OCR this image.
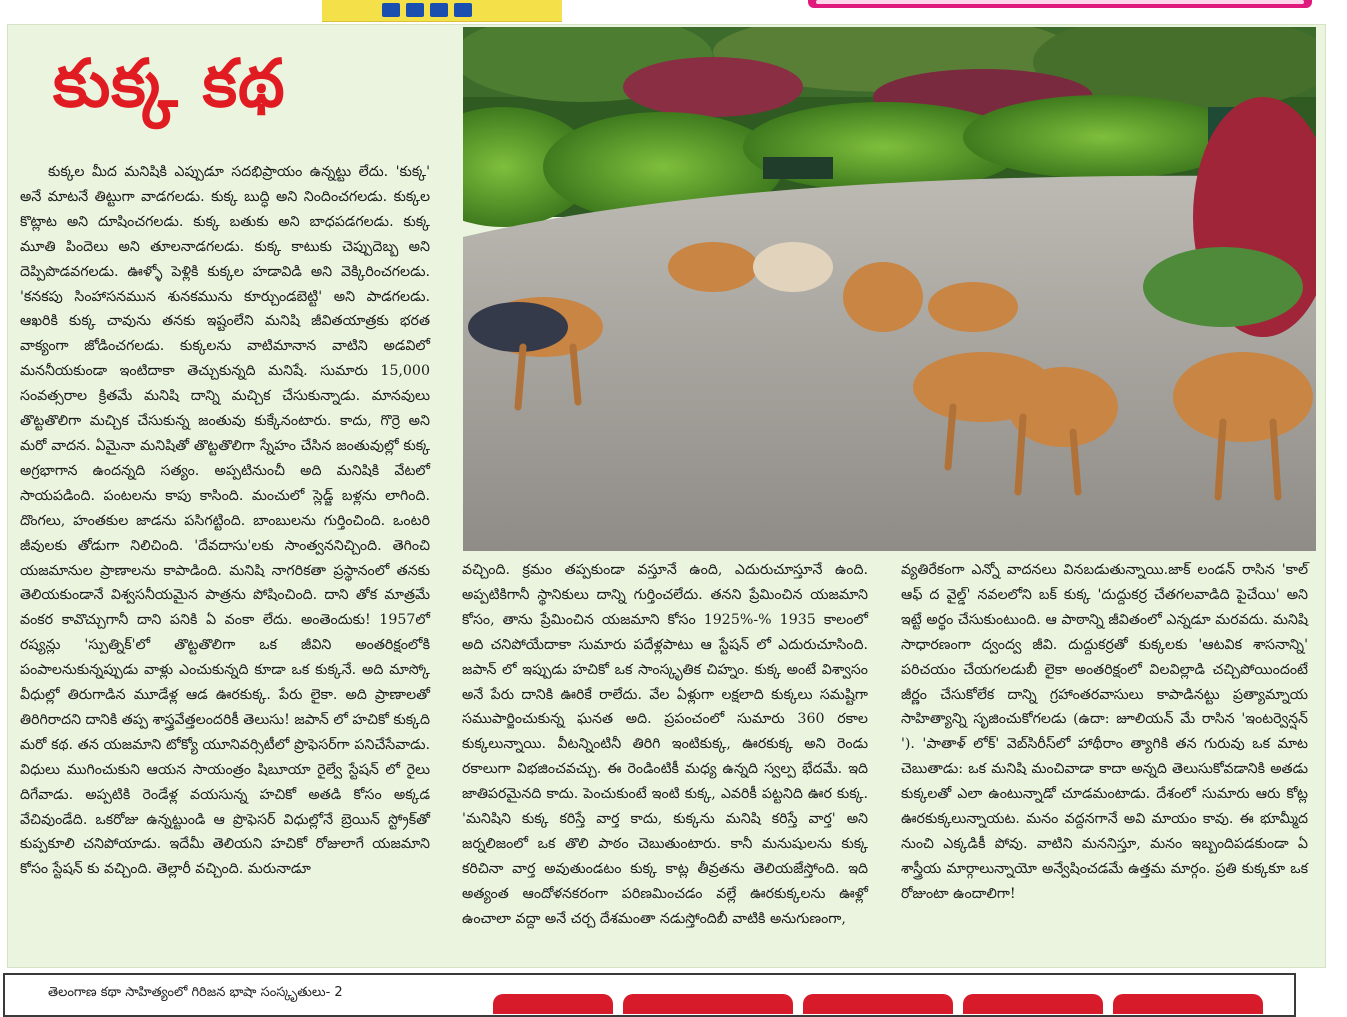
కుక్క కథ

కుక్కల మీద మనిషికి ఎప్పుడూ సదభిప్రాయం ఉన్నట్టు లేదు. 'కుక్క' అనే మాటనే తిట్టుగా వాడగలడు. కుక్క బుద్ధి అని నిందించగలడు. కుక్కల కొట్లాట అని దూషించగలడు. కుక్క బతుకు అని బాధపడగలడు. కుక్క మూతి పిందెలు అని తూలనాడగలడు. కుక్క కాటుకు చెప్పుదెబ్బ అని దెప్పిపొడవగలడు. ఊళ్ళో పెళ్లికి కుక్కల హడావిడి అని వెక్కిరించగలడు. 'కనకపు సింహాసనమున శునకమును కూర్చుండబెట్టి' అని పాడగలడు. ఆఖరికి కుక్క చావును తనకు ఇష్టంలేని మనిషి జీవితయాత్రకు భరత వాక్యంగా జోడించగలడు. కుక్కలను వాటిమానాన వాటిని అడవిలో మననీయకుండా ఇంటిదాకా తెచ్చుకున్నది మనిషే. సుమారు 15,000 సంవత్సరాల క్రితమే మనిషి దాన్ని మచ్చిక చేసుకున్నాడు. మానవులు తొట్టతొలిగా మచ్చిక చేసుకున్న జంతువు కుక్కేనంటారు. కాదు, గొర్రె అని మరో వాదన. ఏమైనా మనిషితో తొట్టతొలిగా స్నేహం చేసిన జంతువుల్లో కుక్క అగ్రభాగాన ఉందన్నది సత్యం. అప్పటినుంచీ అది మనిషికి వేటలో సాయపడింది. పంటలను కాపు కాసింది. మంచులో స్లెడ్జ్ బళ్లను లాగింది. దొంగలు, హంతకుల జాడను పసిగట్టింది. బాంబులను గుర్తించింది. ఒంటరి జీవులకు తోడుగా నిలిచింది. 'దేవదాసు'లకు సాంత్వననిచ్చింది. తెగించి యజమానుల ప్రాణాలను కాపాడింది. మనిషి నాగరికతా ప్రస్థానంలో తనకు తెలియకుండానే విశ్వసనీయమైన పాత్రను పోషించింది. దాని తోక మాత్రమే వంకర కావొచ్చుగానీ దాని పనికి ఏ వంకా లేదు. అంతెందుకు! 1957లో రష్యన్లు 'స్పుత్నిక్'లో తొట్టతొలిగా ఒక జీవిని అంతరిక్షంలోకి పంపాలనుకున్నప్పుడు వాళ్లు ఎంచుకున్నది కూడా ఒక కుక్కనే. అది మాస్కో వీధుల్లో తిరుగాడిన మూడేళ్ల ఆడ ఊరకుక్క. పేరు లైకా. అది ప్రాణాలతో తిరిగిరాదని దానికి తప్ప శాస్త్రవేత్తలందరికీ తెలుసు! జపాన్ లో హచికో కుక్కది మరో కథ. తన యజమాని టోక్యో యూనివర్సిటీలో ప్రొఫెసర్‌గా పనిచేసేవాడు. విధులు ముగించుకుని ఆయన సాయంత్రం షిబూయా రైల్వే స్టేషన్ లో రైలు దిగేవాడు. అప్పటికి రెండేళ్ల వయసున్న హచికో అతడి కోసం అక్కడ వేచివుండేది. ఒకరోజు ఉన్నట్టుండి ఆ ప్రొఫెసర్ విధుల్లోనే బ్రెయిన్ స్ట్రోక్‌తో కుప్పకూలి చనిపోయాడు. ఇదేమీ తెలియని హచికో రోజులాగే యజమాని కోసం స్టేషన్ కు వచ్చింది. తెల్లారీ వచ్చింది. మరునాడూ

వచ్చింది. క్రమం తప్పకుండా వస్తూనే ఉంది, ఎదురుచూస్తూనే ఉంది. అప్పటికిగానీ స్థానికులు దాన్ని గుర్తించలేదు. తనని ప్రేమించిన యజమాని కోసం, తాను ప్రేమించిన యజమాని కోసం 1925%-% 1935 కాలంలో అది చనిపోయేదాకా సుమారు పదేళ్లపాటు ఆ స్టేషన్ లో ఎదురుచూసింది. జపాన్ లో ఇప్పుడు హచికో ఒక సాంస్కృతిక చిహ్నం. కుక్క అంటే విశ్వాసం అనే పేరు దానికి ఊరికే రాలేదు. వేల ఏళ్లుగా లక్షలాది కుక్కలు సమష్టిగా సముపార్జించుకున్న ఘనత అది. ప్రపంచంలో సుమారు 360 రకాల కుక్కలున్నాయి. వీటన్నింటినీ తిరిగి ఇంటికుక్క, ఊరకుక్క అని రెండు రకాలుగా విభజించవచ్చు. ఈ రెండింటికీ మధ్య ఉన్నది స్వల్ప భేదమే. ఇది జాతిపరమైనది కాదు. పెంచుకుంటే ఇంటి కుక్క, ఎవరికీ పట్టనిది ఊర కుక్క. 'మనిషిని కుక్క కరిస్తే వార్త కాదు, కుక్కను మనిషి కరిస్తే వార్త' అని జర్నలిజంలో ఒక తొలి పాఠం చెబుతుంటారు. కానీ మనుషులను కుక్క కరిచినా వార్త అవుతుండటం కుక్క కాట్ల తీవ్రతను తెలియజేస్తోంది. ఇది అత్యంత ఆందోళనకరంగా పరిణమించడం వల్లే ఊరకుక్కలను ఊళ్లో ఉంచాలా వద్దా అనే చర్చ దేశమంతా నడుస్తోందిబీ వాటికి అనుగుణంగా,

వ్యతిరేకంగా ఎన్నో వాదనలు వినబడుతున్నాయి.జాక్ లండన్ రాసిన 'కాల్ ఆఫ్ ద వైల్డ్' నవలలోని బక్ కుక్క 'దుద్దుకర్ర చేతగలవాడిది పైచేయి' అని ఇట్టే అర్థం చేసుకుంటుంది. ఆ పాఠాన్ని జీవితంలో ఎన్నడూ మరవదు. మనిషి సాధారణంగా ద్వంద్వ జీవి. దుద్దుకర్రతో కుక్కలకు 'ఆటవిక శాసనాన్ని' పరిచయం చేయగలడుబీ లైకా అంతరిక్షంలో విలవిల్లాడి చచ్చిపోయిందంటే జీర్ణం చేసుకోలేక దాన్ని గ్రహాంతరవాసులు కాపాడినట్టు ప్రత్యామ్నాయ సాహిత్యాన్ని సృజించుకోగలడు (ఉదా: జూలియన్ మే రాసిన 'ఇంటర్వెన్షన్ '). 'పాతాళ్ లోక్' వెబ్‌సిరీస్‌లో హాథీరాం త్యాగికి తన గురువు ఒక మాట చెబుతాడు: ఒక మనిషి మంచివాడా కాదా అన్నది తెలుసుకోవడానికి అతడు కుక్కలతో ఎలా ఉంటున్నాడో చూడమంటాడు. దేశంలో సుమారు ఆరు కోట్ల ఊరకుక్కలున్నాయట. మనం వద్దనగానే అవి మాయం కావు. ఈ భూమ్మీద నుంచి ఎక్కడికీ పోవు. వాటిని మననిస్తూ, మనం ఇబ్బందిపడకుండా ఏ శాస్త్రీయ మార్గాలున్నాయో అన్వేషించడమే ఉత్తమ మార్గం. ప్రతి కుక్కకూ ఒక రోజుంటా ఉందాలిగా!

తెలంగాణ కథా సాహిత్యంలో గిరిజన భాషా సంస్కృతులు- 2
